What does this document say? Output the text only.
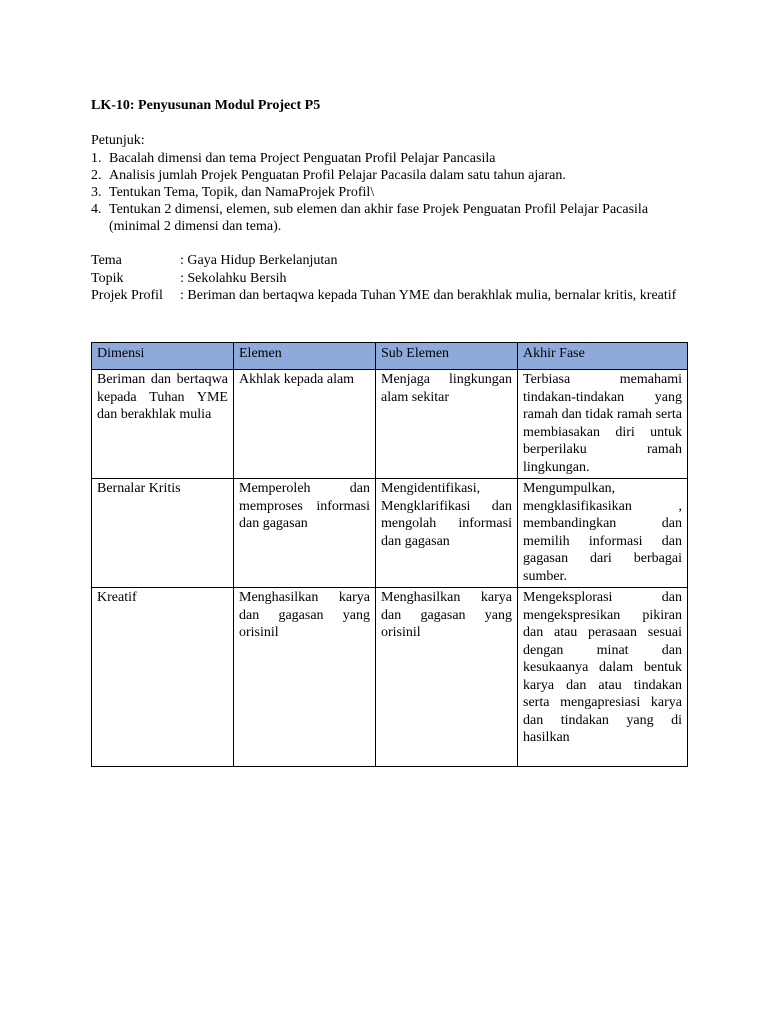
LK-10: Penyusunan Modul Project P5
Petunjuk:
1. Bacalah dimensi dan tema Project Penguatan Profil Pelajar Pancasila
2. Analisis jumlah Projek Penguatan Profil Pelajar Pacasila dalam satu tahun ajaran.
3. Tentukan Tema, Topik, dan NamaProjek Profil\
4. Tentukan 2 dimensi, elemen, sub elemen dan akhir fase Projek Penguatan Profil Pelajar Pacasila (minimal 2 dimensi dan tema).
Tema	: Gaya Hidup Berkelanjutan
Topik	: Sekolahku Bersih
Projek Profil	: Beriman dan bertaqwa kepada Tuhan YME dan berakhlak mulia, bernalar kritis, kreatif
Dimensi	Elemen	Sub Elemen	Akhir Fase
Beriman dan bertaqwa kepada Tuhan YME dan berakhlak mulia	Akhlak kepada alam	Menjaga lingkungan alam sekitar	Terbiasa memahami tindakan-tindakan yang ramah dan tidak ramah serta membiasakan diri untuk berperilaku ramah lingkungan.
Bernalar Kritis	Memperoleh dan memproses informasi dan gagasan	Mengidentifikasi, Mengklarifikasi dan mengolah informasi dan gagasan	Mengumpulkan, mengklasifikasikan , membandingkan dan memilih informasi dan gagasan dari berbagai sumber.
Kreatif	Menghasilkan karya dan gagasan yang orisinil	Menghasilkan karya dan gagasan yang orisinil	Mengeksplorasi dan mengekspresikan pikiran dan atau perasaan sesuai dengan minat dan kesukaanya dalam bentuk karya dan atau tindakan serta mengapresiasi karya dan tindakan yang di hasilkan
